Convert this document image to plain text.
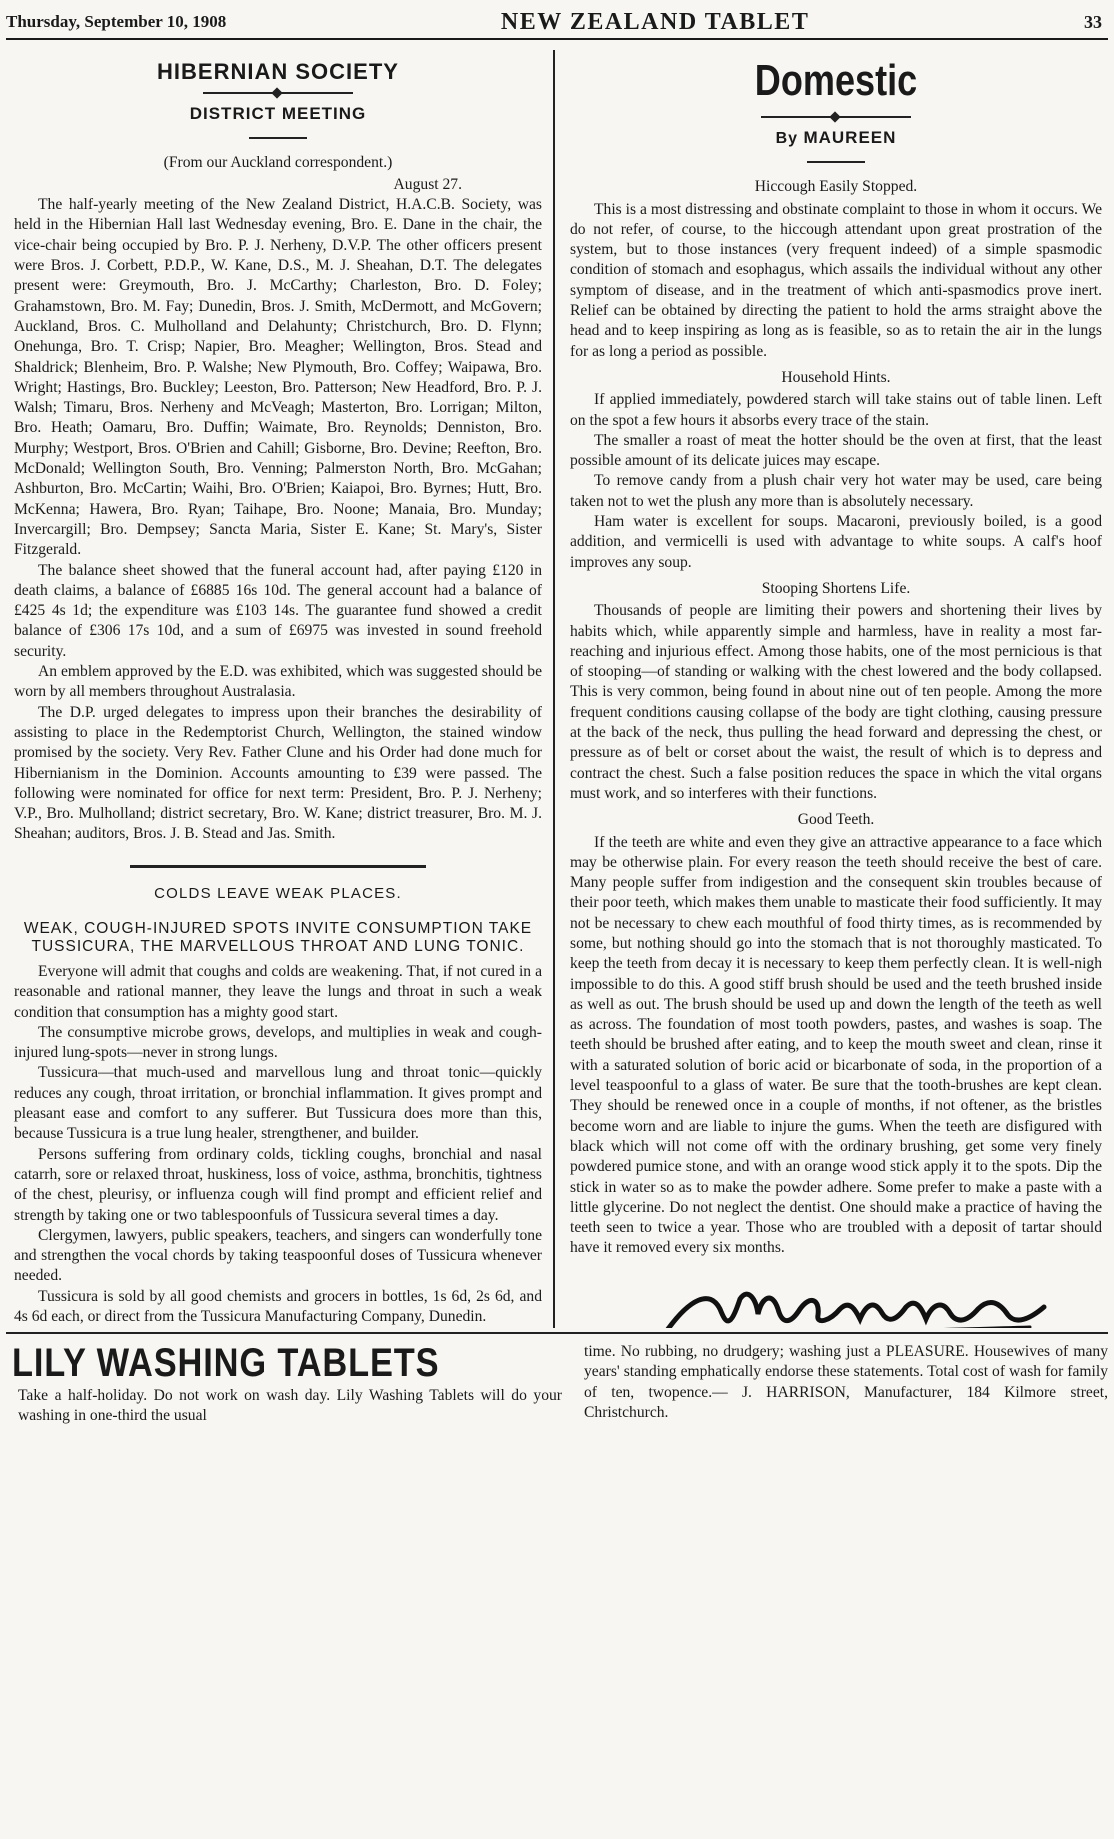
Thursday, September 10, 1908	NEW ZEALAND TABLET	33
HIBERNIAN SOCIETY
DISTRICT MEETING
(From our Auckland correspondent.)
August 27.

The half-yearly meeting of the New Zealand District, H.A.C.B. Society, was held in the Hibernian Hall last Wednesday evening, Bro. E. Dane in the chair, the vice-chair being occupied by Bro. P. J. Nerheny, D.V.P. The other officers present were Bros. J. Corbett, P.D.P., W. Kane, D.S., M. J. Sheahan, D.T. The delegates present were: Greymouth, Bro. J. McCarthy; Charleston, Bro. D. Foley; Grahamstown, Bro. M. Fay; Dunedin, Bros. J. Smith, McDermott, and McGovern; Auckland, Bros. C. Mulholland and Delahunty; Christchurch, Bro. D. Flynn; Onehunga, Bro. T. Crisp; Napier, Bro. Meagher; Wellington, Bros. Stead and Shaldrick; Blenheim, Bro. P. Walshe; New Plymouth, Bro. Coffey; Waipawa, Bro. Wright; Hastings, Bro. Buckley; Leeston, Bro. Patterson; New Headford, Bro. P. J. Walsh; Timaru, Bros. Nerheny and McVeagh; Masterton, Bro. Lorrigan; Milton, Bro. Heath; Oamaru, Bro. Duffin; Waimate, Bro. Reynolds; Denniston, Bro. Murphy; Westport, Bros. O'Brien and Cahill; Gisborne, Bro. Devine; Reefton, Bro. McDonald; Wellington South, Bro. Venning; Palmerston North, Bro. McGahan; Ashburton, Bro. McCartin; Waihi, Bro. O'Brien; Kaiapoi, Bro. Byrnes; Hutt, Bro. McKenna; Hawera, Bro. Ryan; Taihape, Bro. Noone; Manaia, Bro. Munday; Invercargill; Bro. Dempsey; Sancta Maria, Sister E. Kane; St. Mary's, Sister Fitzgerald.

The balance sheet showed that the funeral account had, after paying £120 in death claims, a balance of £6885 16s 10d. The general account had a balance of £425 4s 1d; the expenditure was £103 14s. The guarantee fund showed a credit balance of £306 17s 10d, and a sum of £6975 was invested in sound freehold security.

An emblem approved by the E.D. was exhibited, which was suggested should be worn by all members throughout Australasia.

The D.P. urged delegates to impress upon their branches the desirability of assisting to place in the Redemptorist Church, Wellington, the stained window promised by the society. Very Rev. Father Clune and his Order had done much for Hibernianism in the Dominion. Accounts amounting to £39 were passed. The following were nominated for office for next term: President, Bro. P. J. Nerheny; V.P., Bro. Mulholland; district secretary, Bro. W. Kane; district treasurer, Bro. M. J. Sheahan; auditors, Bros. J. B. Stead and Jas. Smith.

COLDS LEAVE WEAK PLACES.
WEAK, COUGH-INJURED SPOTS INVITE CONSUMPTION TAKE TUSSICURA, THE MARVELLOUS THROAT AND LUNG TONIC.

Everyone will admit that coughs and colds are weakening. That, if not cured in a reasonable and rational manner, they leave the lungs and throat in such a weak condition that consumption has a mighty good start.

The consumptive microbe grows, develops, and multiplies in weak and cough-injured lung-spots—never in strong lungs.

Tussicura—that much-used and marvellous lung and throat tonic—quickly reduces any cough, throat irritation, or bronchial inflammation. It gives prompt and pleasant ease and comfort to any sufferer. But Tussicura does more than this, because Tussicura is a true lung healer, strengthener, and builder.

Persons suffering from ordinary colds, tickling coughs, bronchial and nasal catarrh, sore or relaxed throat, huskiness, loss of voice, asthma, bronchitis, tightness of the chest, pleurisy, or influenza cough will find prompt and efficient relief and strength by taking one or two tablespoonfuls of Tussicura several times a day.

Clergymen, lawyers, public speakers, teachers, and singers can wonderfully tone and strengthen the vocal chords by taking teaspoonful doses of Tussicura whenever needed.

Tussicura is sold by all good chemists and grocers in bottles, 1s 6d, 2s 6d, and 4s 6d each, or direct from the Tussicura Manufacturing Company, Dunedin.

Domestic
By MAUREEN
Hiccough Easily Stopped.

This is a most distressing and obstinate complaint to those in whom it occurs. We do not refer, of course, to the hiccough attendant upon great prostration of the system, but to those instances (very frequent indeed) of a simple spasmodic condition of stomach and esophagus, which assails the individual without any other symptom of disease, and in the treatment of which anti-spasmodics prove inert. Relief can be obtained by directing the patient to hold the arms straight above the head and to keep inspiring as long as is feasible, so as to retain the air in the lungs for as long a period as possible.

Household Hints.

If applied immediately, powdered starch will take stains out of table linen. Left on the spot a few hours it absorbs every trace of the stain.

The smaller a roast of meat the hotter should be the oven at first, that the least possible amount of its delicate juices may escape.

To remove candy from a plush chair very hot water may be used, care being taken not to wet the plush any more than is absolutely necessary.

Ham water is excellent for soups. Macaroni, previously boiled, is a good addition, and vermicelli is used with advantage to white soups. A calf's hoof improves any soup.

Stooping Shortens Life.

Thousands of people are limiting their powers and shortening their lives by habits which, while apparently simple and harmless, have in reality a most far-reaching and injurious effect. Among those habits, one of the most pernicious is that of stooping—of standing or walking with the chest lowered and the body collapsed. This is very common, being found in about nine out of ten people. Among the more frequent conditions causing collapse of the body are tight clothing, causing pressure at the back of the neck, thus pulling the head forward and depressing the chest, or pressure as of belt or corset about the waist, the result of which is to depress and contract the chest. Such a false position reduces the space in which the vital organs must work, and so interferes with their functions.

Good Teeth.

If the teeth are white and even they give an attractive appearance to a face which may be otherwise plain. For every reason the teeth should receive the best of care. Many people suffer from indigestion and the consequent skin troubles because of their poor teeth, which makes them unable to masticate their food sufficiently. It may not be necessary to chew each mouthful of food thirty times, as is recommended by some, but nothing should go into the stomach that is not thoroughly masticated. To keep the teeth from decay it is necessary to keep them perfectly clean. It is well-nigh impossible to do this. A good stiff brush should be used and the teeth brushed inside as well as out. The brush should be used up and down the length of the teeth as well as across. The foundation of most tooth powders, pastes, and washes is soap. The teeth should be brushed after eating, and to keep the mouth sweet and clean, rinse it with a saturated solution of boric acid or bicarbonate of soda, in the proportion of a level teaspoonful to a glass of water. Be sure that the tooth-brushes are kept clean. They should be renewed once in a couple of months, if not oftener, as the bristles become worn and are liable to injure the gums. When the teeth are disfigured with black which will not come off with the ordinary brushing, get some very finely powdered pumice stone, and with an orange wood stick apply it to the spots. Dip the stick in water so as to make the powder adhere. Some prefer to make a paste with a little glycerine. Do not neglect the dentist. One should make a practice of having the teeth seen to twice a year. Those who are troubled with a deposit of tartar should have it removed every six months.

LILY WASHING TABLETS

Take a half-holiday. Do not work on wash day. Lily Washing Tablets will do your washing in one-third the usual

time. No rubbing, no drudgery; washing just a PLEASURE. Housewives of many years' standing emphatically endorse these statements. Total cost of wash for family of ten, twopence.— J. HARRISON, Manufacturer, 184 Kilmore street, Christchurch.
